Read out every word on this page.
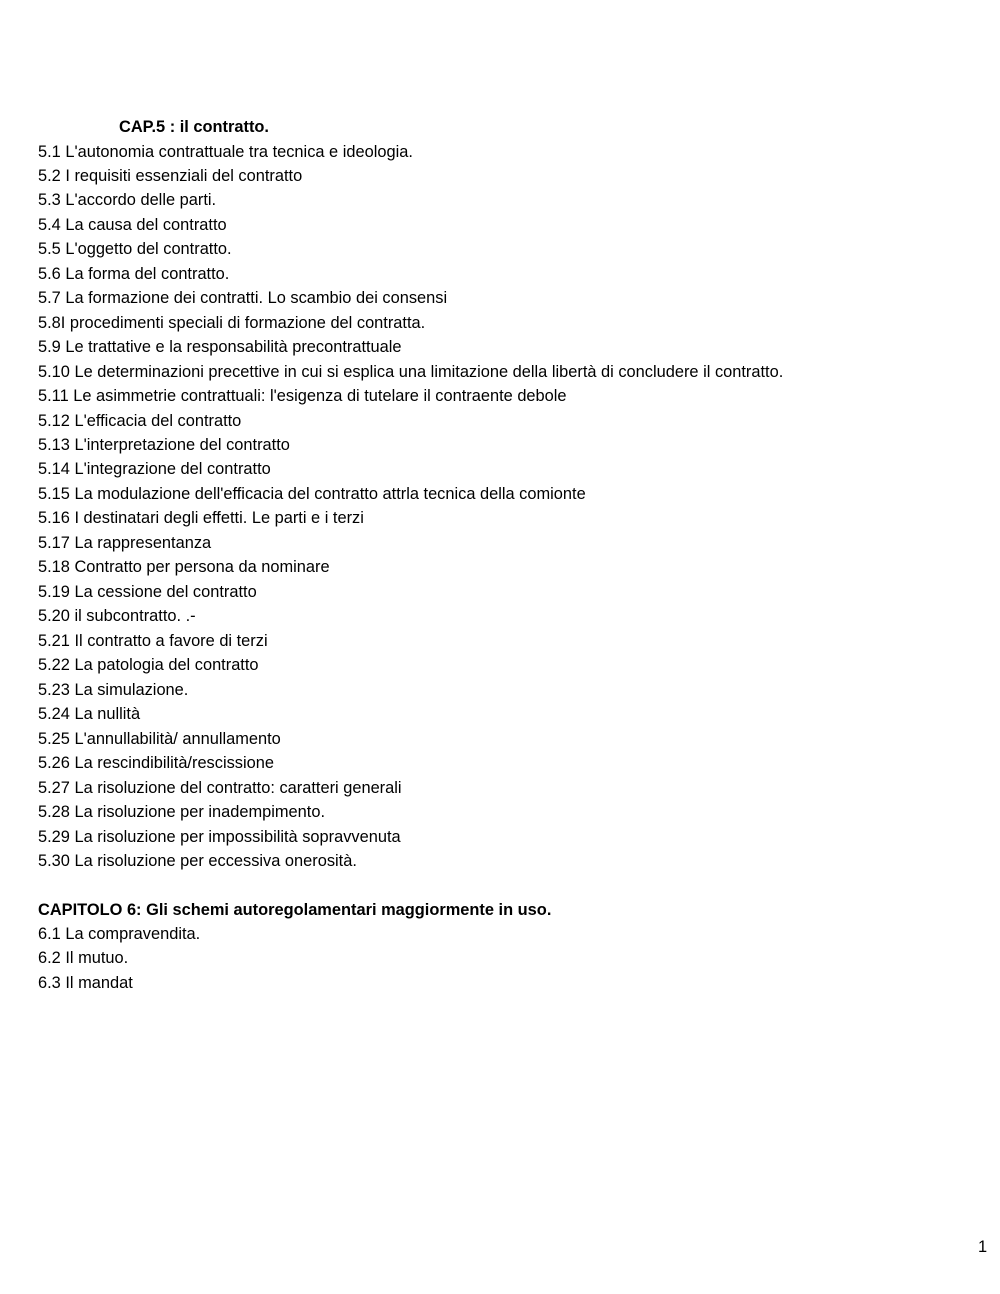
CAP.5 : il contratto.
5.1 L'autonomia contrattuale tra tecnica e ideologia.
5.2 I requisiti essenziali del contratto
5.3 L'accordo delle parti.
5.4 La causa del contratto
5.5 L'oggetto del contratto.
5.6 La forma del contratto.
5.7 La formazione dei contratti. Lo scambio dei consensi
5.8I procedimenti speciali di formazione del contratta.
5.9 Le trattative e la responsabilità precontrattuale
5.10 Le determinazioni precettive in cui si esplica una limitazione della libertà di concludere il contratto.
5.11 Le asimmetrie contrattuali: l'esigenza di tutelare il contraente debole
5.12 L'efficacia del contratto
5.13 L'interpretazione del contratto
5.14 L'integrazione del contratto
5.15 La modulazione dell'efficacia del contratto attrla tecnica della comionte
5.16 I destinatari degli effetti. Le parti e i terzi
5.17 La rappresentanza
5.18 Contratto per persona da nominare
5.19 La cessione del contratto
5.20 il subcontratto. .-
5.21 Il contratto a favore di terzi
5.22 La patologia del contratto
5.23 La simulazione.
5.24 La nullità
5.25 L'annullabilità/ annullamento
5.26 La rescindibilità/rescissione
5.27 La risoluzione del contratto: caratteri generali
5.28 La risoluzione per inadempimento.
5.29 La risoluzione per impossibilità sopravvenuta
5.30 La risoluzione per eccessiva onerosità.
CAPITOLO 6: Gli schemi autoregolamentari maggiormente in uso.
6.1 La compravendita.
6.2 Il mutuo.
6.3 Il mandat
1
